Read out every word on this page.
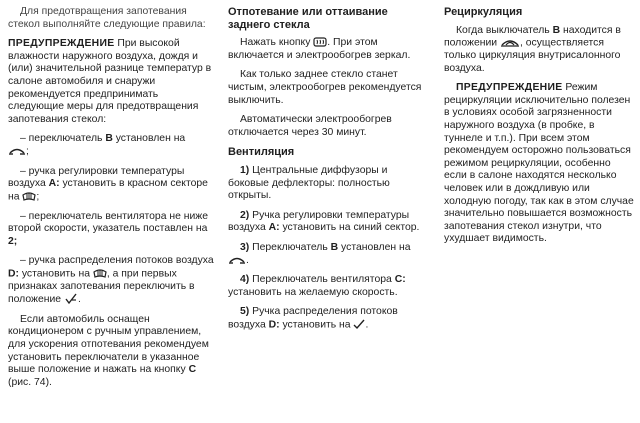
Для предотвращения запотевания стекол выполняйте следующие правила:

ПРЕДУПРЕЖДЕНИЕ При высокой влажности наружного воздуха, дождя и (или) значительной разнице температур в салоне автомобиля и снаружи рекомендуется предпринимать следующие меры для предотвращения запотевания стекол:

– переключатель B установлен на

;

– ручка регулировки температуры воздуха A: установить в красном секторе на
;

– переключатель вентилятора не ниже второй скорости, указатель поставлен на 2;

– ручка распределения потоков воздуха D: установить на
, а при первых признаках запотевания переключить в положение
.

Если автомобиль оснащен кондиционером с ручным управлением, для ускорения отпотевания рекомендуем установить переключатели в указанное выше положение и нажать на кнопку C (рис. 74).

Отпотевание или оттаивание заднего стекла

Нажать кнопку
. При этом включается и электрообогрев зеркал.

Как только заднее стекло станет чистым, электрообогрев рекомендуется выключить.

Автоматически электрообогрев отключается через 30 минут.

Вентиляция

1) Центральные диффузоры и боковые дефлекторы: полностью открыты.

2) Ручка регулировки температуры воздуха A: установить на синий сектор.

3) Переключатель B установлен на

.

4) Переключатель вентилятора C: установить на желаемую скорость.

5) Ручка распределения потоков воздуха D: установить на
.

Рециркуляция

Когда выключатель B находится в положении
, осуществляется только циркуляция внутрисалонного воздуха.

ПРЕДУПРЕЖДЕНИЕ Режим рециркуляции исключительно полезен в условиях особой загрязненности наружного воздуха (в пробке, в туннеле и т.п.). При всем этом рекомендуем осторожно пользоваться режимом рециркуляции, особенно если в салоне находятся несколько человек или в дождливую или холодную погоду, так как в этом случае значительно повышается возможность запотевания стекол изнутри, что ухудшает видимость.
